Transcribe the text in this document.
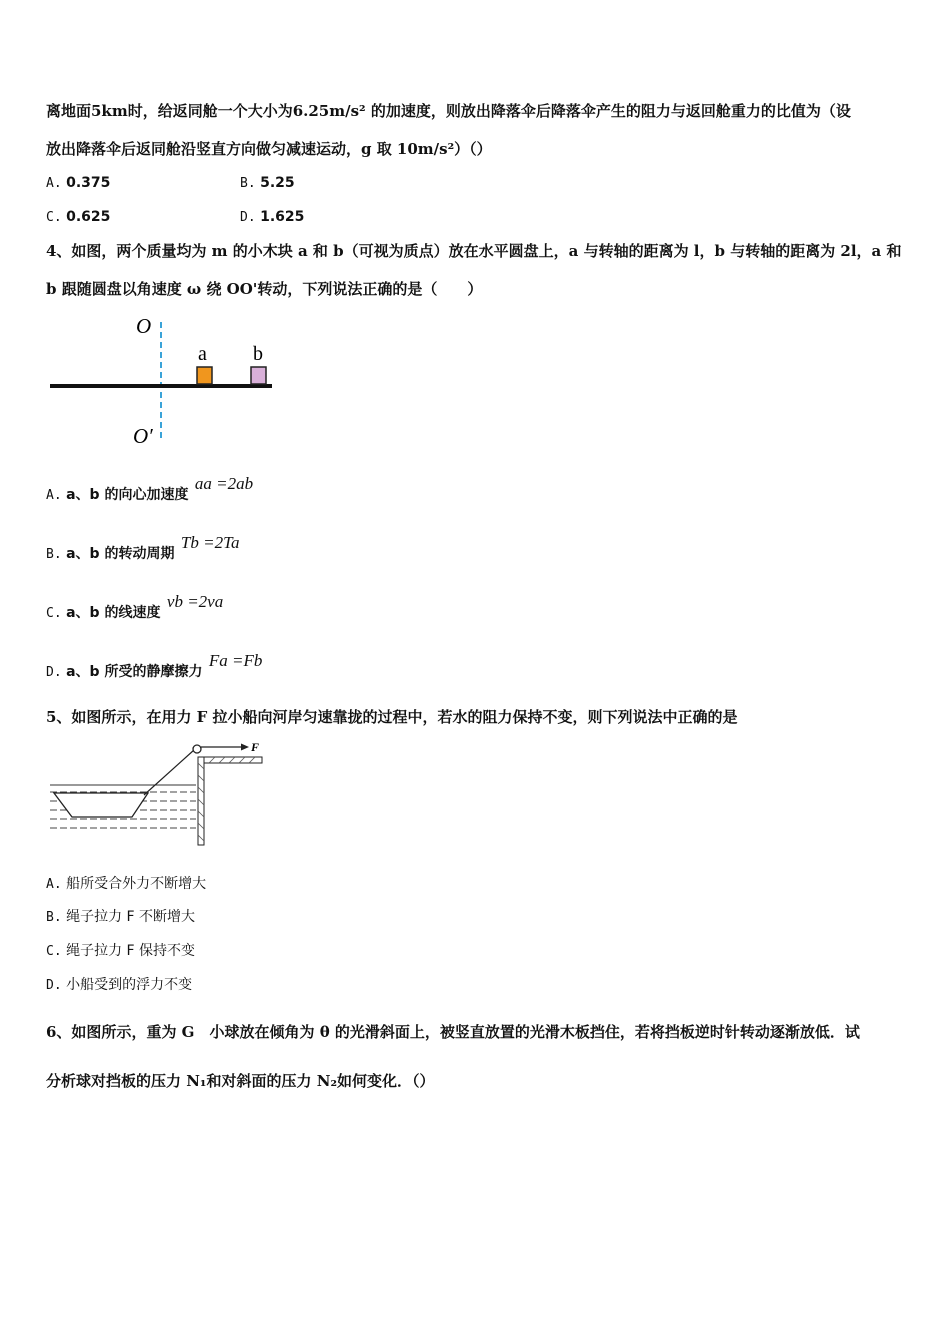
离地面5km时，给返同舱一个大小为6.25m/s² 的加速度，则放出降落伞后降落伞产生的阻力与返回舱重力的比值为（设
放出降落伞后返同舱沿竖直方向做匀减速运动，g 取 10m/s²）（）
A. 0.375	B. 5.25
C. 0.625	D. 1.625
4、如图，两个质量均为 m 的小木块 a 和 b（可视为质点）放在水平圆盘上，a 与转轴的距离为 l，b 与转轴的距离为 2l，a 和
b 跟随圆盘以角速度 ω 绕 OO'转动，下列说法正确的是（　　）
O
O′
a b
A. a、b 的向心加速度 aa =2ab
B. a、b 的转动周期 Tb =2Ta
C. a、b 的线速度 vb =2va
D. a、b 所受的静摩擦力 Fa =Fb
5、如图所示，在用力 F 拉小船向河岸匀速靠拢的过程中，若水的阻力保持不变，则下列说法中正确的是
F
A. 船所受合外力不断增大
B. 绳子拉力 F 不断增大
C. 绳子拉力 F 保持不变
D. 小船受到的浮力不变
6、如图所示，重为 G　小球放在倾角为 θ 的光滑斜面上，被竖直放置的光滑木板挡住，若将挡板逆时针转动逐渐放低．试
分析球对挡板的压力 N₁和对斜面的压力 N₂如何变化．（）
